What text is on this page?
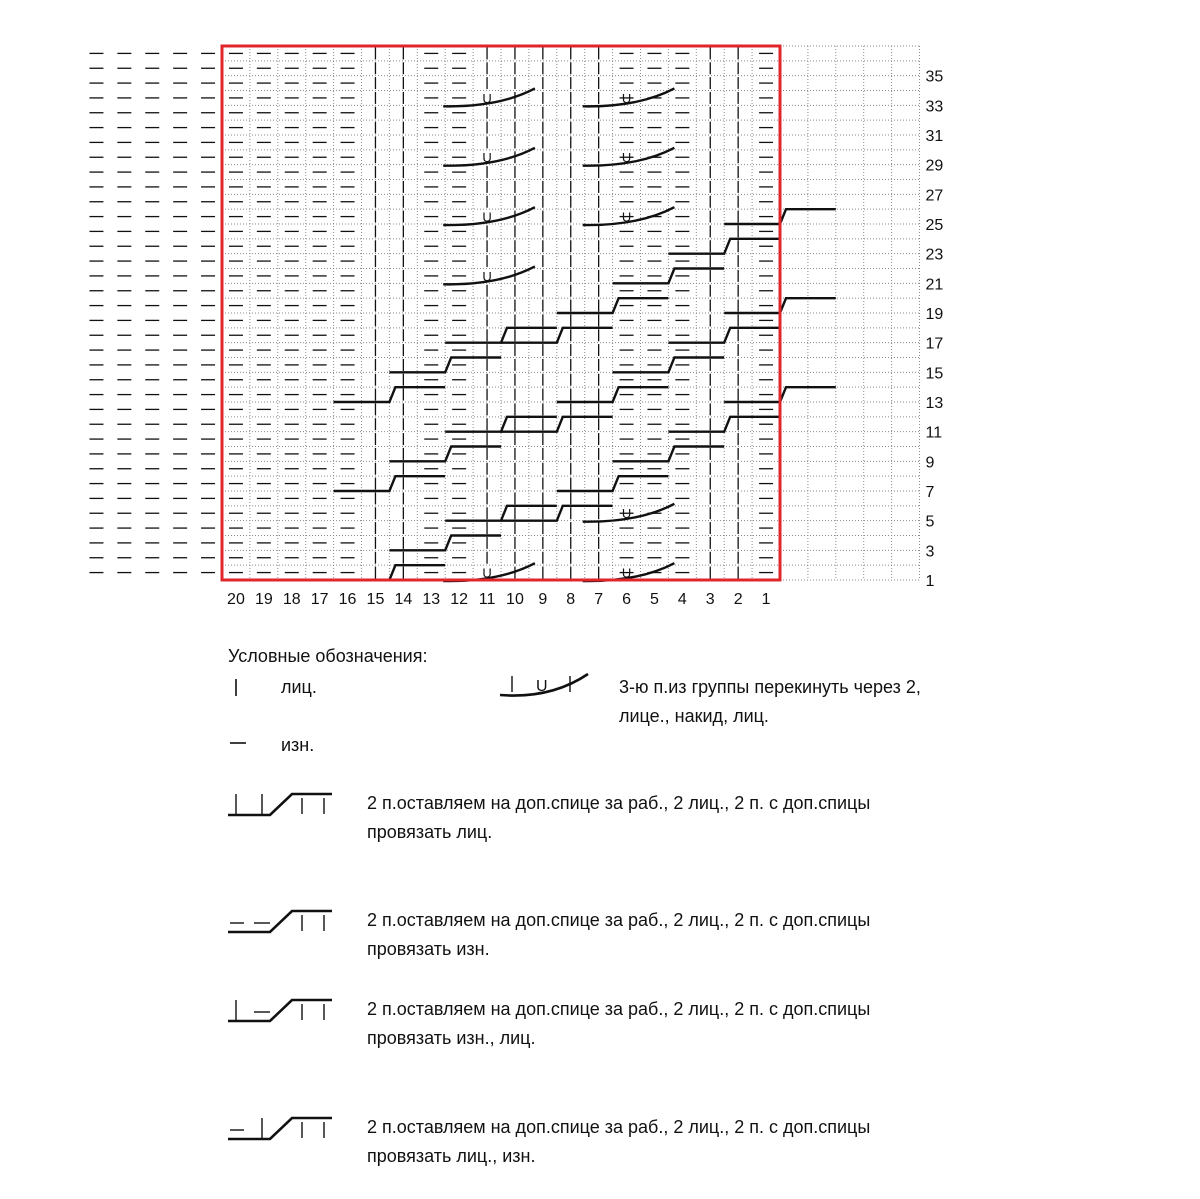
U
U
U
U
U
U
U
U
U
U
1
3
5
7
9
11
13
15
17
19
21
23
25
27
29
31
33
35
20 19 18 17 16 15 14 13 12 11 10 9 8 7 6 5 4 3 2 1
Условные обозначения:
лиц.
изн.
U	3-ю п.из группы перекинуть через 2,
лице., накид, лиц.
2 п.оставляем на доп.спице за раб., 2 лиц., 2 п. с доп.спицы
провязать лиц.
2 п.оставляем на доп.спице за раб., 2 лиц., 2 п. с доп.спицы
провязать изн.
2 п.оставляем на доп.спице за раб., 2 лиц., 2 п. с доп.спицы
провязать изн., лиц.
2 п.оставляем на доп.спице за раб., 2 лиц., 2 п. с доп.спицы
провязать лиц., изн.
